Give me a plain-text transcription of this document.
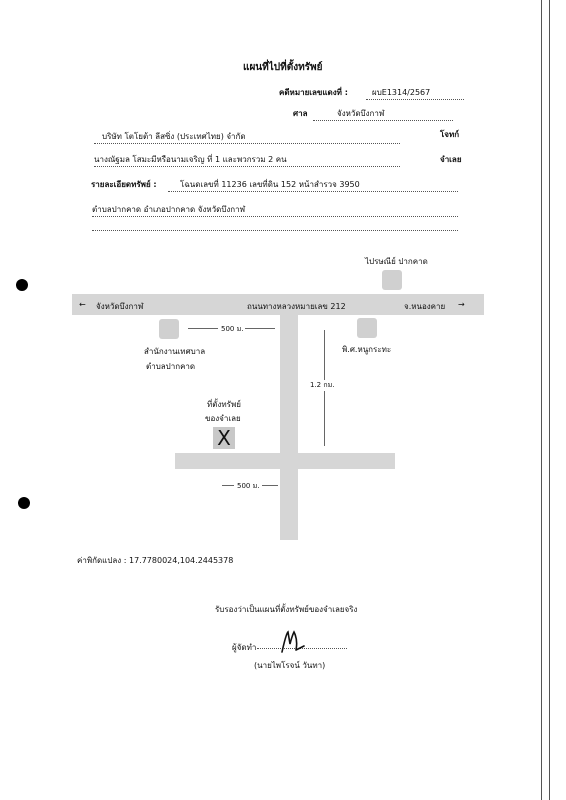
แผนที่ไปที่ตั้งทรัพย์
คดีหมายเลขแดงที่ :	ผบE1314/2567
ศาล	จังหวัดบึงกาฬ
บริษัท โตโยต้า ลีสซิ่ง (ประเทศไทย) จำกัด	โจทก์
นางณัฐมล โสมะมีหรือนามเจริญ ที่ 1 และพวกรวม 2 คน	จำเลย
รายละเอียดทรัพย์ :	โฉนดเลขที่ 11236 เลขที่ดิน 152 หน้าสำรวจ 3950
ตำบลปากคาด อำเภอปากคาด จังหวัดบึงกาฬ
ไปรษณีย์ ปากคาด
← จังหวัดบึงกาฬ	ถนนทางหลวงหมายเลข 212	จ.หนองคาย →
500 ม.
สำนักงานเทศบาล
ตำบลปากคาด
พิ.ศ.หนูกระทะ
1.2 กม.
ที่ตั้งทรัพย์
ของจำเลย
X
500 ม.
ค่าพิกัดแปลง : 17.7780024,104.2445378
รับรองว่าเป็นแผนที่ตั้งทรัพย์ของจำเลยจริง
ผู้จัดทำ
(นายไพโรจน์ วันทา)
